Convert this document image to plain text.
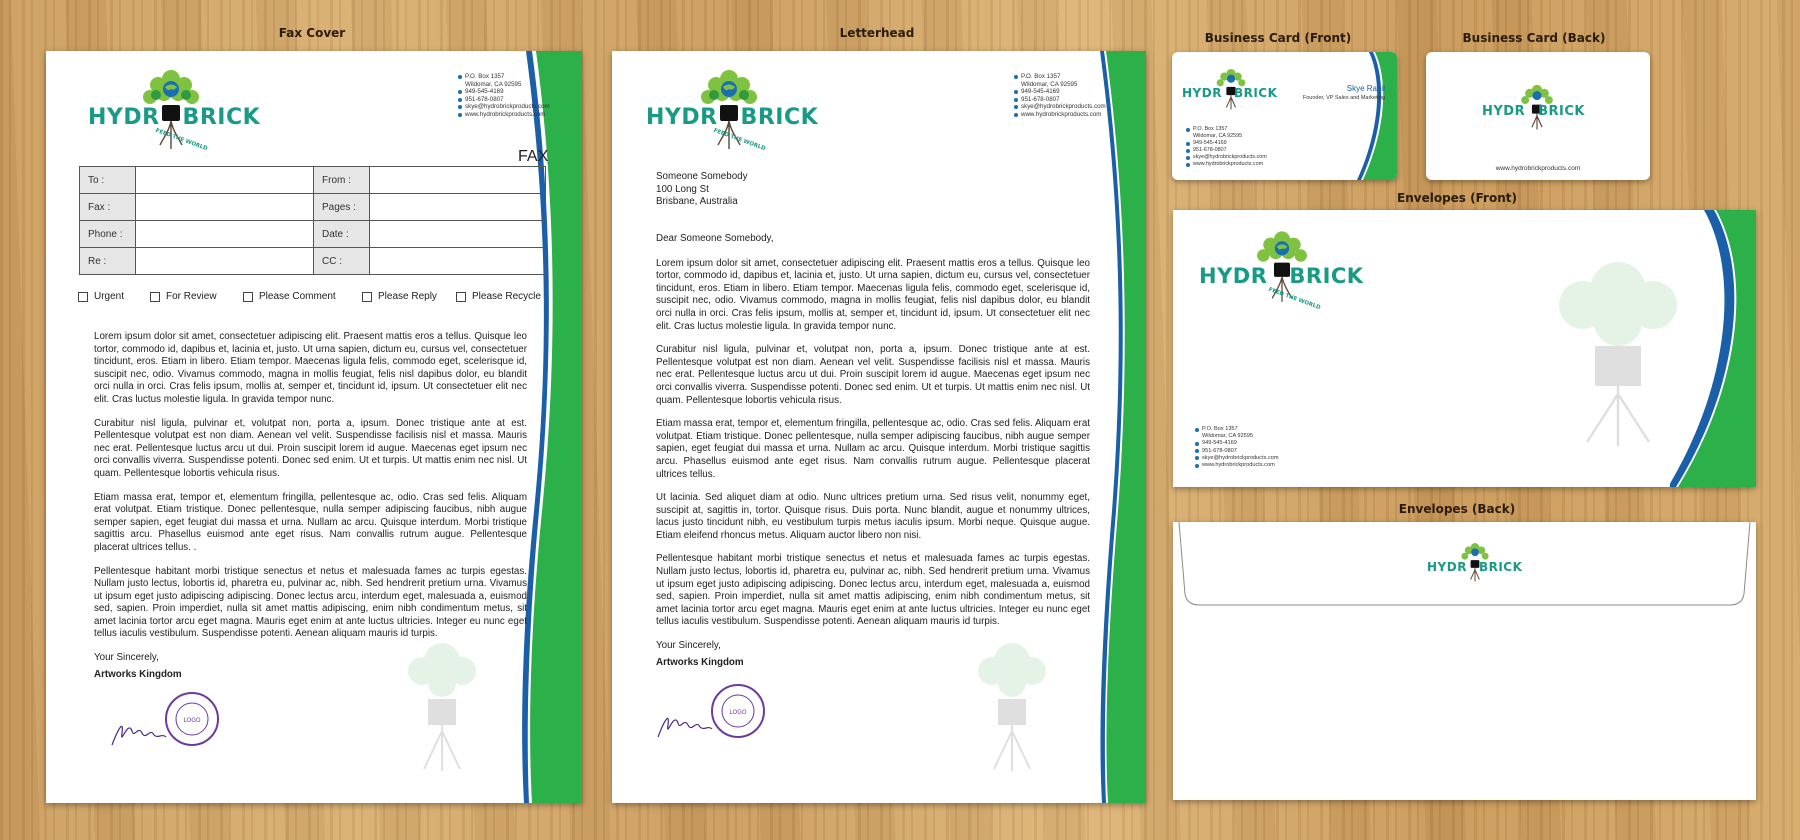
Fax Cover	Letterhead	Business Card (Front)	Business Card (Back)
Envelopes (Front)
Envelopes (Back)
HYDR BRICK
FEED THE WORLD
P.O. Box 1357
Wildomar, CA 92595
949-545-4169
951-678-0807
skye@hydrobrickproducts.com
www.hydrobrickproducts.com
FAX
To :		From :	
Fax :		Pages :	
Phone :		Date :	
Re :		CC :	
Urgent	For Review	Please Comment	Please Reply	Please Recycle

Lorem ipsum dolor sit amet, consectetuer adipiscing elit. Praesent mattis eros a tellus. Quisque leo tortor, commodo id, dapibus et, lacinia et, justo. Ut urna sapien, dictum eu, cursus vel, consectetuer tincidunt, eros. Etiam in libero. Etiam tempor. Maecenas ligula felis, commodo eget, scelerisque id, suscipit nec, odio. Vivamus commodo, magna in mollis feugiat, felis nisl dapibus dolor, eu blandit orci nulla in orci. Cras felis ipsum, mollis at, semper et, tincidunt id, ipsum. Ut consectetuer elit nec elit. Cras luctus molestie ligula. In gravida tempor nunc.

Curabitur nisl ligula, pulvinar et, volutpat non, porta a, ipsum. Donec tristique ante at est. Pellentesque volutpat est non diam. Aenean vel velit. Suspendisse facilisis nisl et massa. Mauris nec erat. Pellentesque luctus arcu ut dui. Proin suscipit lorem id augue. Maecenas eget ipsum nec orci convallis viverra. Suspendisse potenti. Donec sed enim. Ut et turpis. Ut mattis enim nec nisl. Ut quam. Pellentesque lobortis vehicula risus.

Etiam massa erat, tempor et, elementum fringilla, pellentesque ac, odio. Cras sed felis. Aliquam erat volutpat. Etiam tristique. Donec pellentesque, nulla semper adipiscing faucibus, nibh augue semper sapien, eget feugiat dui massa et urna. Nullam ac arcu. Quisque interdum. Morbi tristique sagittis arcu. Phasellus euismod ante eget risus. Nam convallis rutrum augue. Pellentesque placerat ultrices tellus. .

Pellentesque habitant morbi tristique senectus et netus et malesuada fames ac turpis egestas. Nullam justo lectus, lobortis id, pharetra eu, pulvinar ac, nibh. Sed hendrerit pretium urna. Vivamus ut ipsum eget justo adipiscing adipiscing. Donec lectus arcu, interdum eget, malesuada a, euismod sed, sapien. Proin imperdiet, nulla sit amet mattis adipiscing, enim nibh condimentum metus, sit amet lacinia tortor arcu eget magna. Mauris eget enim at ante luctus ultricies. Integer eu nunc eget tellus iaculis vestibulum. Suspendisse potenti. Aenean aliquam mauris id turpis.

Your Sincerely,
Artworks Kingdom
LOGO
HYDR BRICK
FEED THE WORLD
P.O. Box 1357
Wildomar, CA 92595
949-545-4169
951-678-0807
skye@hydrobrickproducts.com
www.hydrobrickproducts.com
Someone Somebody
100 Long St
Brisbane, Australia

Dear Someone Somebody,

Lorem ipsum dolor sit amet, consectetuer adipiscing elit. Praesent mattis eros a tellus. Quisque leo tortor, commodo id, dapibus et, lacinia et, justo. Ut urna sapien, dictum eu, cursus vel, consectetuer tincidunt, eros. Etiam in libero. Etiam tempor. Maecenas ligula felis, commodo eget, scelerisque id, suscipit nec, odio. Vivamus commodo, magna in mollis feugiat, felis nisl dapibus dolor, eu blandit orci nulla in orci. Cras felis ipsum, mollis at, semper et, tincidunt id, ipsum. Ut consectetuer elit nec elit. Cras luctus molestie ligula. In gravida tempor nunc.

Curabitur nisl ligula, pulvinar et, volutpat non, porta a, ipsum. Donec tristique ante at est. Pellentesque volutpat est non diam. Aenean vel velit. Suspendisse facilisis nisl et massa. Mauris nec erat. Pellentesque luctus arcu ut dui. Proin suscipit lorem id augue. Maecenas eget ipsum nec orci convallis viverra. Suspendisse potenti. Donec sed enim. Ut et turpis. Ut mattis enim nec nisl. Ut quam. Pellentesque lobortis vehicula risus.

Etiam massa erat, tempor et, elementum fringilla, pellentesque ac, odio. Cras sed felis. Aliquam erat volutpat. Etiam tristique. Donec pellentesque, nulla semper adipiscing faucibus, nibh augue semper sapien, eget feugiat dui massa et urna. Nullam ac arcu. Quisque interdum. Morbi tristique sagittis arcu. Phasellus euismod ante eget risus. Nam convallis rutrum augue. Pellentesque placerat ultrices tellus.

Ut lacinia. Sed aliquet diam at odio. Nunc ultrices pretium urna. Sed risus velit, nonummy eget, suscipit at, sagittis in, tortor. Quisque risus. Duis porta. Nunc blandit, augue et nonummy ultrices, lacus justo tincidunt nibh, eu vestibulum turpis metus iaculis ipsum. Morbi neque. Quisque augue. Etiam eleifend rhoncus metus. Aliquam auctor libero non nisi.

Pellentesque habitant morbi tristique senectus et netus et malesuada fames ac turpis egestas. Nullam justo lectus, lobortis id, pharetra eu, pulvinar ac, nibh. Sed hendrerit pretium urna. Vivamus ut ipsum eget justo adipiscing adipiscing. Donec lectus arcu, interdum eget, malesuada a, euismod sed, sapien. Proin imperdiet, nulla sit amet mattis adipiscing, enim nibh condimentum metus, sit amet lacinia tortor arcu eget magna. Mauris eget enim at ante luctus ultricies. Integer eu nunc eget tellus iaculis vestibulum. Suspendisse potenti. Aenean aliquam mauris id turpis.

Your Sincerely,
Artworks Kingdom
LOGO
HYDR BRICK	Skye Rabii
Founder, VP Sales and Marketing
P.O. Box 1357
Wildomar, CA 92595
949-545-4169
951-678-0807
skye@hydrobrickproducts.com
www.hydrobrickproducts.com
HYDR BRICK
www.hydrobrickproducts.com
HYDR BRICK
FEED THE WORLD
P.O. Box 1357
Wildomar, CA 92595
949-545-4169
951-678-0807
skye@hydrobrickproducts.com
www.hydrobrickproducts.com
HYDR BRICK
